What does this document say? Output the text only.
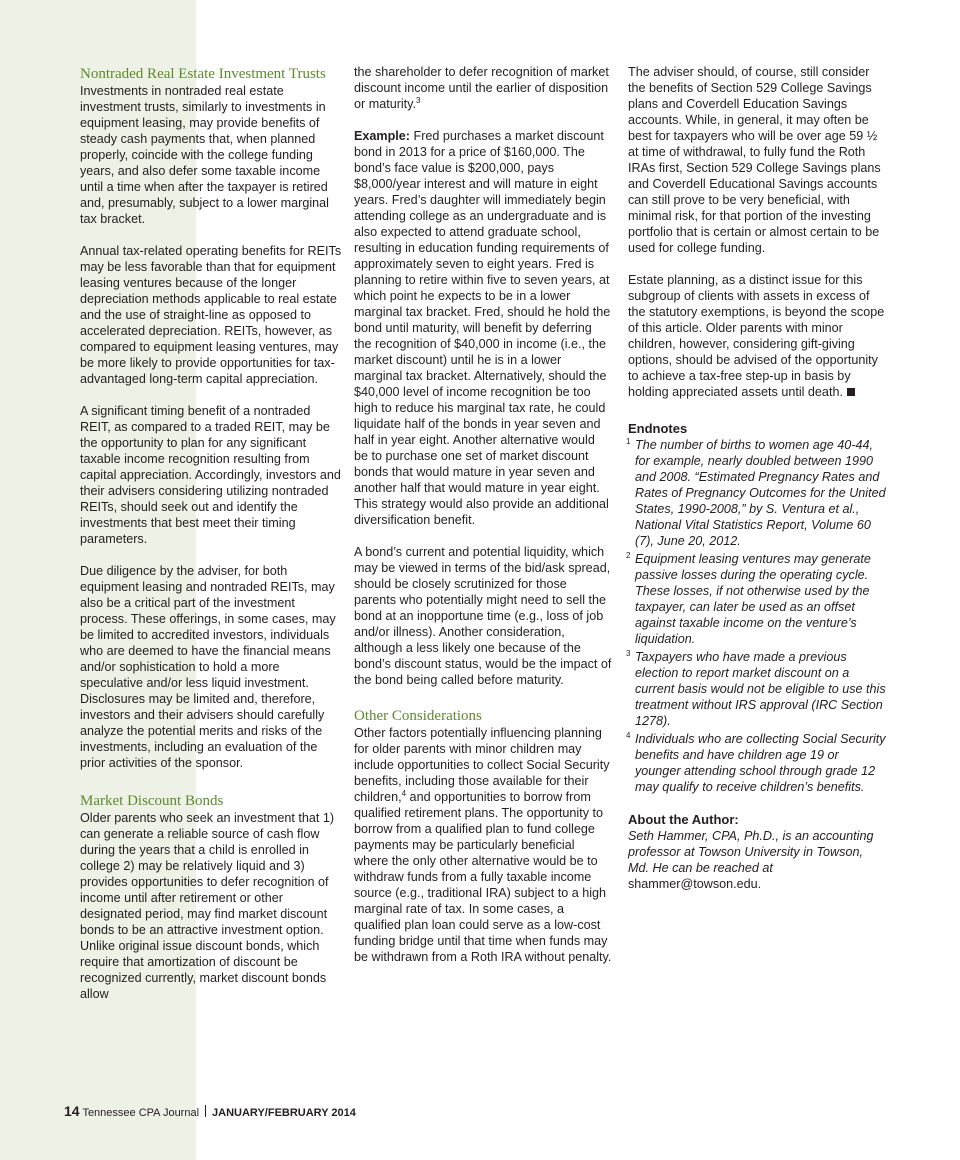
Nontraded Real Estate Investment Trusts

Investments in nontraded real estate investment trusts, similarly to investments in equipment leasing, may provide benefits of steady cash payments that, when planned properly, coincide with the college funding years, and also defer some taxable income until a time when after the taxpayer is retired and, presumably, subject to a lower marginal tax bracket.

Annual tax-related operating benefits for REITs may be less favorable than that for equipment leasing ventures because of the longer depreciation methods applicable to real estate and the use of straight-line as opposed to accelerated depreciation. REITs, however, as compared to equipment leasing ventures, may be more likely to provide opportunities for tax-advantaged long-term capital appreciation.

A significant timing benefit of a nontraded REIT, as compared to a traded REIT, may be the opportunity to plan for any significant taxable income recognition resulting from capital appreciation. Accordingly, investors and their advisers considering utilizing nontraded REITs, should seek out and identify the investments that best meet their timing parameters.

Due diligence by the adviser, for both equipment leasing and nontraded REITs, may also be a critical part of the investment process. These offerings, in some cases, may be limited to accredited investors, individuals who are deemed to have the financial means and/or sophistication to hold a more speculative and/or less liquid investment. Disclosures may be limited and, therefore, investors and their advisers should carefully analyze the potential merits and risks of the investments, including an evaluation of the prior activities of the sponsor.

Market Discount Bonds

Older parents who seek an investment that 1) can generate a reliable source of cash flow during the years that a child is enrolled in college 2) may be relatively liquid and 3) provides opportunities to defer recognition of income until after retirement or other designated period, may find market discount bonds to be an attractive investment option. Unlike original issue discount bonds, which require that amortization of discount be recognized currently, market discount bonds allow

the shareholder to defer recognition of market discount income until the earlier of disposition or maturity.$^3$

Example: Fred purchases a market discount bond in 2013 for a price of $160,000. The bond’s face value is $200,000, pays $8,000/year interest and will mature in eight years. Fred’s daughter will immediately begin attending college as an undergraduate and is also expected to attend graduate school, resulting in education funding requirements of approximately seven to eight years. Fred is planning to retire within five to seven years, at which point he expects to be in a lower marginal tax bracket. Fred, should he hold the bond until maturity, will benefit by deferring the recognition of $40,000 in income (i.e., the market discount) until he is in a lower marginal tax bracket. Alternatively, should the $40,000 level of income recognition be too high to reduce his marginal tax rate, he could liquidate half of the bonds in year seven and half in year eight. Another alternative would be to purchase one set of market discount bonds that would mature in year seven and another half that would mature in year eight. This strategy would also provide an additional diversification benefit.

A bond’s current and potential liquidity, which may be viewed in terms of the bid/ask spread, should be closely scrutinized for those parents who potentially might need to sell the bond at an inopportune time (e.g., loss of job and/or illness). Another consideration, although a less likely one because of the bond’s discount status, would be the impact of the bond being called before maturity.

Other Considerations

Other factors potentially influencing planning for older parents with minor children may include opportunities to collect Social Security benefits, including those available for their children,$^4$ and opportunities to borrow from qualified retirement plans. The opportunity to borrow from a qualified plan to fund college payments may be particularly beneficial where the only other alternative would be to withdraw funds from a fully taxable income source (e.g., traditional IRA) subject to a high marginal rate of tax. In some cases, a qualified plan loan could serve as a low-cost funding bridge until that time when funds may be withdrawn from a Roth IRA without penalty.

The adviser should, of course, still consider the benefits of Section 529 College Savings plans and Coverdell Education Savings accounts. While, in general, it may often be best for taxpayers who will be over age 59 ½ at time of withdrawal, to fully fund the Roth IRAs first, Section 529 College Savings plans and Coverdell Educational Savings accounts can still prove to be very beneficial, with minimal risk, for that portion of the investing portfolio that is certain or almost certain to be used for college funding.

Estate planning, as a distinct issue for this subgroup of clients with assets in excess of the statutory exemptions, is beyond the scope of this article. Older parents with minor children, however, considering gift-giving options, should be advised of the opportunity to achieve a tax-free step-up in basis by holding appreciated assets until death.

Endnotes
1 The number of births to women age 40-44, for example, nearly doubled between 1990 and 2008. “Estimated Pregnancy Rates and Rates of Pregnancy Outcomes for the United States, 1990-2008,” by S. Ventura et al., National Vital Statistics Report, Volume 60 (7), June 20, 2012.
2 Equipment leasing ventures may generate passive losses during the operating cycle. These losses, if not otherwise used by the taxpayer, can later be used as an offset against taxable income on the venture’s liquidation.
3 Taxpayers who have made a previous election to report market discount on a current basis would not be eligible to use this treatment without IRS approval (IRC Section 1278).
4 Individuals who are collecting Social Security benefits and have children age 19 or younger attending school through grade 12 may qualify to receive children’s benefits.
About the Author:

Seth Hammer, CPA, Ph.D., is an accounting professor at Towson University in Towson, Md. He can be reached at
shammer@towson.edu.

14 Tennessee CPA Journal JANUARY/FEBRUARY 2014
